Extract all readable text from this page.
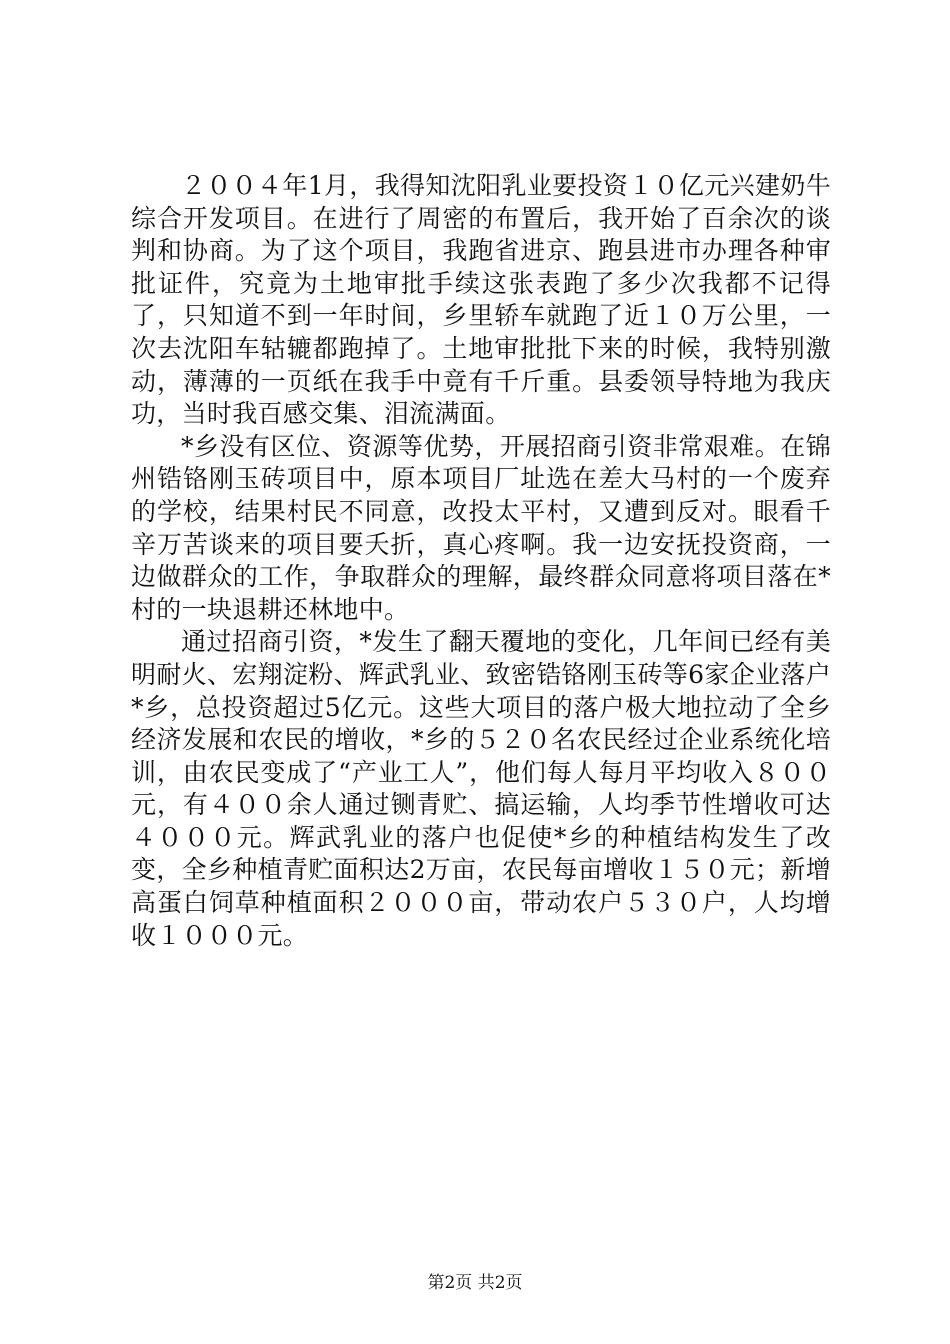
２００４年1月，我得知沈阳乳业要投资１０亿元兴建奶牛综合开发项目。在进行了周密的布置后，我开始了百余次的谈判和协商。为了这个项目，我跑省进京、跑县进市办理各种审批证件，究竟为土地审批手续这张表跑了多少次我都不记得了，只知道不到一年时间，乡里轿车就跑了近１０万公里，一次去沈阳车轱辘都跑掉了。土地审批批下来的时候，我特别激动，薄薄的一页纸在我手中竟有千斤重。县委领导特地为我庆功，当时我百感交集、泪流满面。

*乡没有区位、资源等优势，开展招商引资非常艰难。在锦州锆铬刚玉砖项目中，原本项目厂址选在差大马村的一个废弃的学校，结果村民不同意，改投太平村，又遭到反对。眼看千辛万苦谈来的项目要夭折，真心疼啊。我一边安抚投资商，一边做群众的工作，争取群众的理解，最终群众同意将项目落在*村的一块退耕还林地中。

通过招商引资，*发生了翻天覆地的变化，几年间已经有美明耐火、宏翔淀粉、辉武乳业、致密锆铬刚玉砖等6家企业落户*乡，总投资超过5亿元。这些大项目的落户极大地拉动了全乡经济发展和农民的增收，*乡的５２０名农民经过企业系统化培训，由农民变成了“产业工人”，他们每人每月平均收入８００元，有４００余人通过铡青贮、搞运输，人均季节性增收可达４０００元。辉武乳业的落户也促使*乡的种植结构发生了改变，全乡种植青贮面积达2万亩，农民每亩增收１５０元；新增高蛋白饲草种植面积２０００亩，带动农户５３０户，人均增收１０００元。

第2页 共2页
